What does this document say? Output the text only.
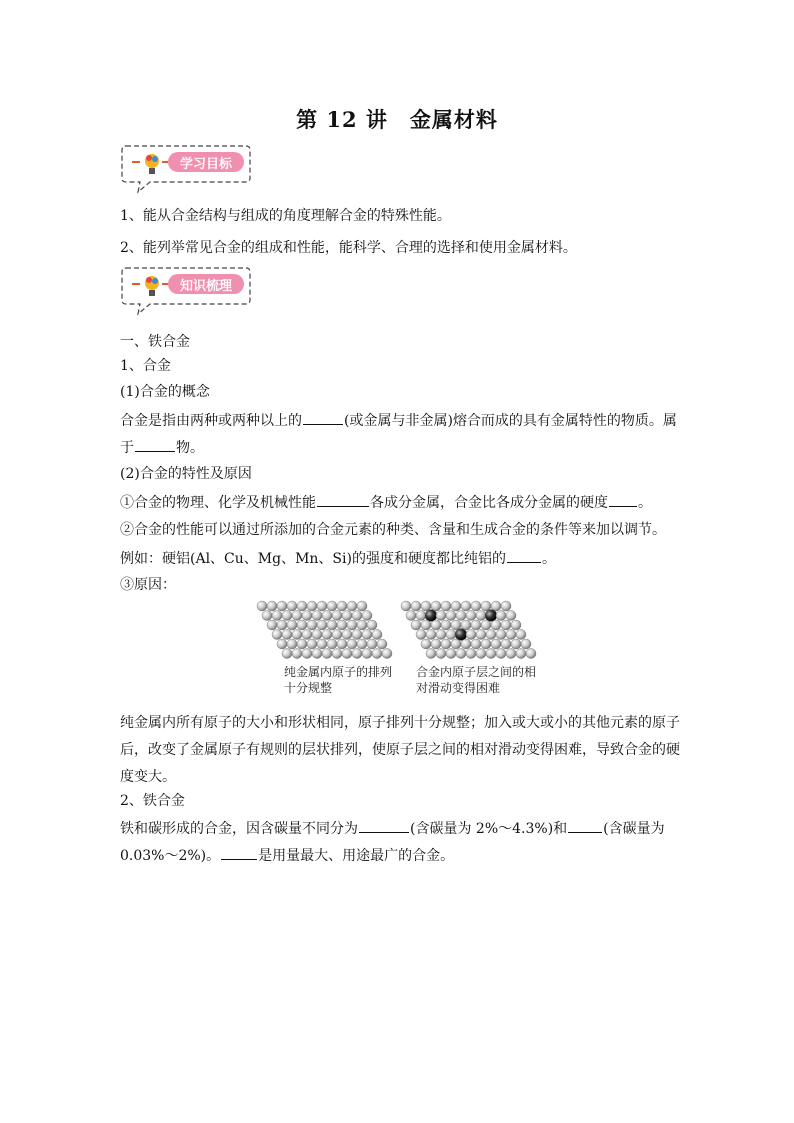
第 12 讲 金属材料
学习目标
1、能从合金结构与组成的角度理解合金的特殊性能。
2、能列举常见合金的组成和性能，能科学、合理的选择和使用金属材料。
知识梳理
一、铁合金
1、合金
(1)合金的概念
合金是指由两种或两种以上的	(或金属与非金属)熔合而成的具有金属特性的物质。属
于	物。
(2)合金的特性及原因
①合金的物理、化学及机械性能	各成分金属，合金比各成分金属的硬度 。
②合金的性能可以通过所添加的合金元素的种类、含量和生成合金的条件等来加以调节。
例如：硬铝(Al、Cu、Mg、Mn、Si)的强度和硬度都比纯铝的	。
③原因：
纯金属内原子的排列
十分规整
合金内原子层之间的相
对滑动变得困难
纯金属内所有原子的大小和形状相同，原子排列十分规整；加入或大或小的其他元素的原子
后，改变了金属原子有规则的层状排列，使原子层之间的相对滑动变得困难，导致合金的硬
度变大。
2、铁合金
铁和碳形成的合金，因含碳量不同分为	(含碳量为 2%～4.3%)和	(含碳量为
0.03%～2%)。	是用量最大、用途最广的合金。
